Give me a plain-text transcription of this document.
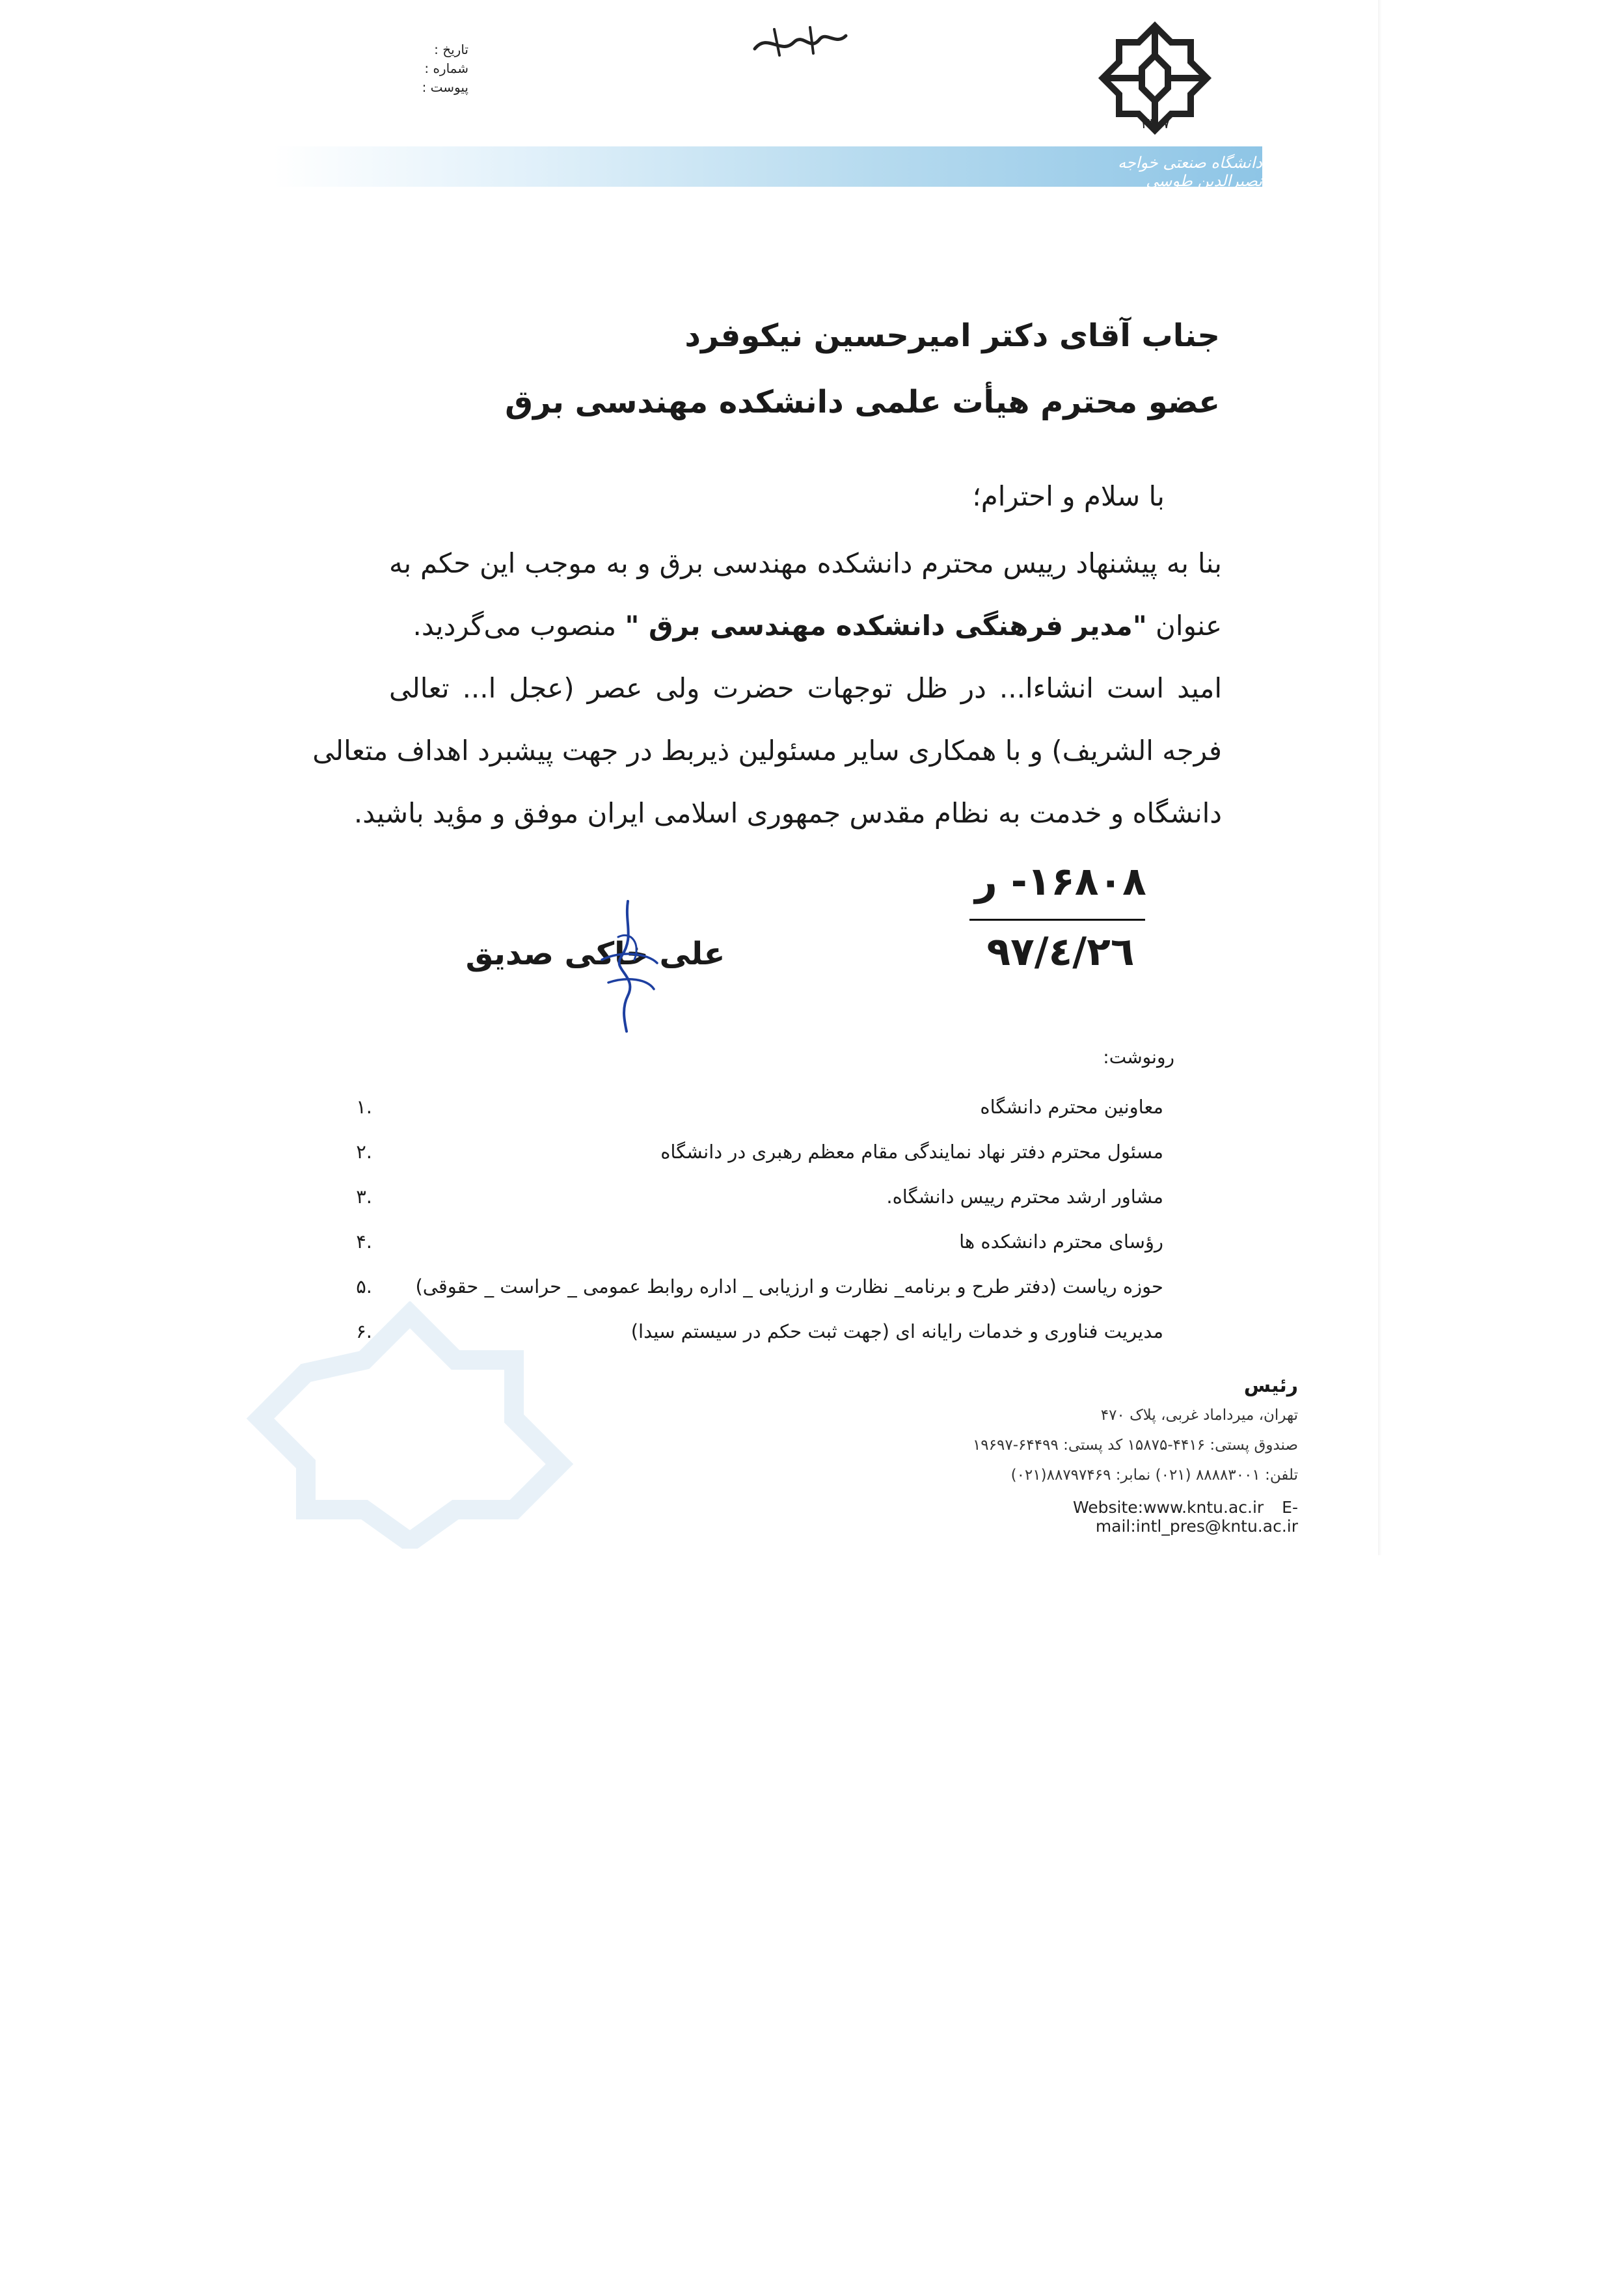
۱۳۰۷
تاریخ :
شماره :
پیوست :
دانشگاه صنعتی خواجه نصیرالدین طوسی
جناب آقای دکتر امیرحسین نیکوفرد
عضو محترم هیأت علمی دانشکده مهندسی برق
با سلام و احترام؛
بنا به پیشنهاد رییس محترم دانشکده مهندسی برق و به موجب این حکم به
عنوان "مدیر فرهنگی دانشکده مهندسی برق " منصوب می‌گردید.
امید است انشاءا... در ظل توجهات حضرت ولی عصر (عجل ا... تعالی
فرجه الشریف) و با همکاری سایر مسئولین ذیربط در جهت پیشبرد اهداف متعالی
دانشگاه و خدمت به نظام مقدس جمهوری اسلامی ایران موفق و مؤید باشید.
۱۶۸۰۸- ر
۹۷/٤/۲٦
علی خاکی صدیق
رونوشت:
.۱	معاونین محترم دانشگاه
.۲	مسئول محترم دفتر نهاد نمایندگی مقام معظم رهبری در دانشگاه
.۳	مشاور ارشد محترم رییس دانشگاه.
.۴	رؤسای محترم دانشکده ها
.۵	حوزه ریاست (دفتر طرح و برنامه_ نظارت و ارزیابی _ اداره روابط عمومی _ حراست _ حقوقی)
.۶	مدیریت فناوری و خدمات رایانه ای (جهت ثبت حکم در سیستم سیدا)
رئیس
تهران، میرداماد غربی، پلاک ۴۷۰
صندوق پستی: ۴۴۱۶-۱۵۸۷۵ کد پستی: ۶۴۴۹۹-۱۹۶۹۷
تلفن: ۸۸۸۸۳۰۰۱ (۰۲۱) نمابر: ۸۸۷۹۷۴۶۹(۰۲۱)
Website:www.kntu.ac.ir E-mail:intl_pres@kntu.ac.ir
